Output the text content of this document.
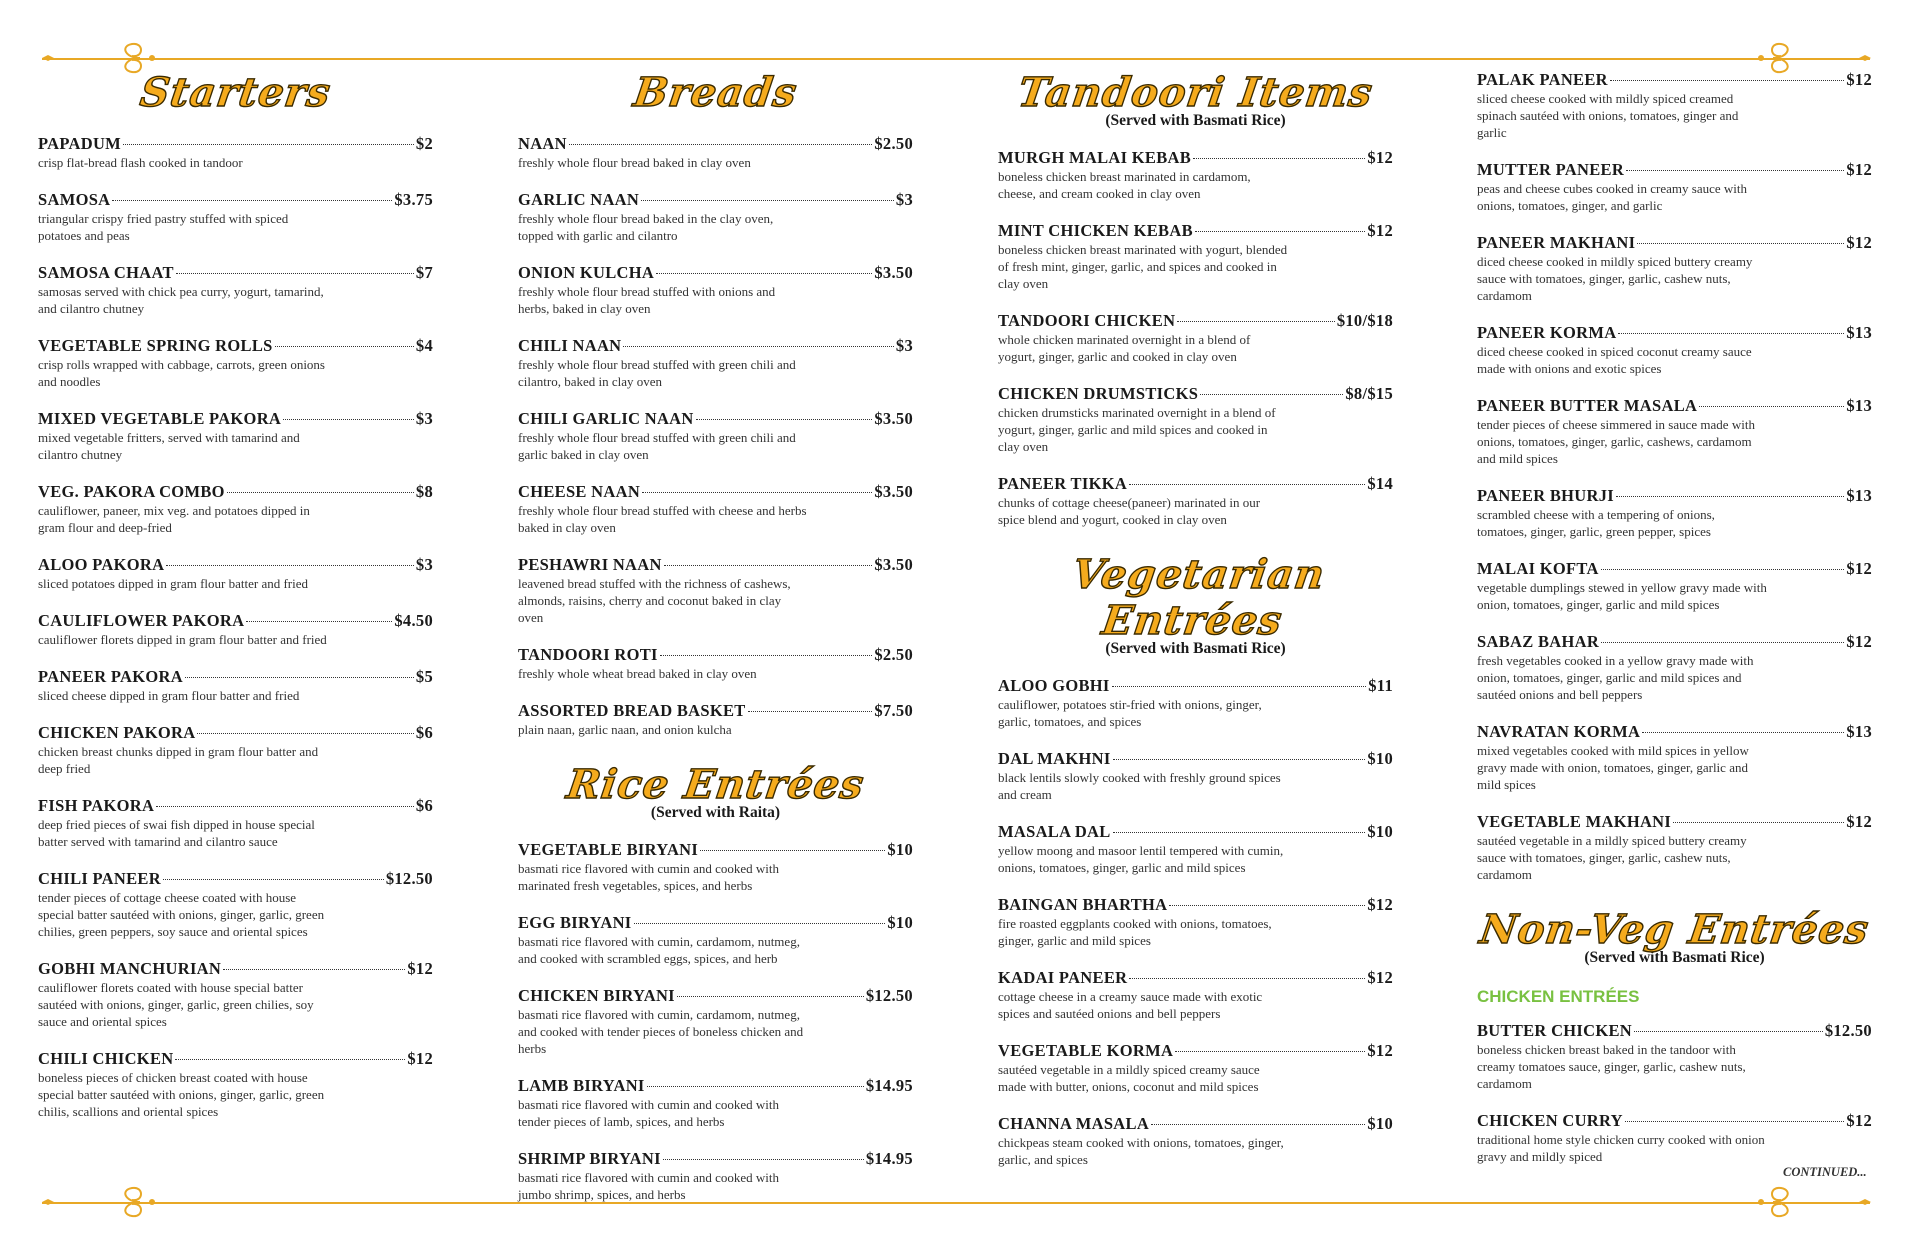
Starters
PAPADUM	$2
crisp flat-bread flash cooked in tandoor
SAMOSA	$3.75
triangular crispy fried pastry stuffed with spiced potatoes and peas
SAMOSA CHAAT	$7
samosas served with chick pea curry, yogurt, tamarind, and cilantro chutney
VEGETABLE SPRING ROLLS	$4
crisp rolls wrapped with cabbage, carrots, green onions and noodles
MIXED VEGETABLE PAKORA	$3
mixed vegetable fritters, served with tamarind and cilantro chutney
VEG. PAKORA COMBO	$8
cauliflower, paneer, mix veg. and potatoes dipped in gram flour and deep-fried
ALOO PAKORA	$3
sliced potatoes dipped in gram flour batter and fried
CAULIFLOWER PAKORA	$4.50
cauliflower florets dipped in gram flour batter and fried
PANEER PAKORA	$5
sliced cheese dipped in gram flour batter and fried
CHICKEN PAKORA	$6
chicken breast chunks dipped in gram flour batter and deep fried
FISH PAKORA	$6
deep fried pieces of swai fish dipped in house special batter served with tamarind and cilantro sauce
CHILI PANEER	$12.50
tender pieces of cottage cheese coated with house special batter sautéed with onions, ginger, garlic, green chilies, green peppers, soy sauce and oriental spices
GOBHI MANCHURIAN	$12
cauliflower florets coated with house special batter sautéed with onions, ginger, garlic, green chilies, soy sauce and oriental spices
CHILI CHICKEN	$12
boneless pieces of chicken breast coated with house special batter sautéed with onions, ginger, garlic, green chilis, scallions and oriental spices
Breads
NAAN	$2.50
freshly whole flour bread baked in clay oven
GARLIC NAAN	$3
freshly whole flour bread baked in the clay oven, topped with garlic and cilantro
ONION KULCHA	$3.50
freshly whole flour bread stuffed with onions and herbs, baked in clay oven
CHILI NAAN	$3
freshly whole flour bread stuffed with green chili and cilantro, baked in clay oven
CHILI GARLIC NAAN	$3.50
freshly whole flour bread stuffed with green chili and garlic baked in clay oven
CHEESE NAAN	$3.50
freshly whole flour bread stuffed with cheese and herbs baked in clay oven
PESHAWRI NAAN	$3.50
leavened bread stuffed with the richness of cashews, almonds, raisins, cherry and coconut baked in clay oven
TANDOORI ROTI	$2.50
freshly whole wheat bread baked in clay oven
ASSORTED BREAD BASKET	$7.50
plain naan, garlic naan, and onion kulcha
Rice Entrées
(Served with Raita)
VEGETABLE BIRYANI	$10
basmati rice flavored with cumin and cooked with marinated fresh vegetables, spices, and herbs
EGG BIRYANI	$10
basmati rice flavored with cumin, cardamom, nutmeg, and cooked with scrambled eggs, spices, and herb
CHICKEN BIRYANI	$12.50
basmati rice flavored with cumin, cardamom, nutmeg, and cooked with tender pieces of boneless chicken and herbs
LAMB BIRYANI	$14.95
basmati rice flavored with cumin and cooked with tender pieces of lamb, spices, and herbs
SHRIMP BIRYANI	$14.95
basmati rice flavored with cumin and cooked with jumbo shrimp, spices, and herbs
Tandoori Items
(Served with Basmati Rice)
MURGH MALAI KEBAB	$12
boneless chicken breast marinated in cardamom, cheese, and cream cooked in clay oven
MINT CHICKEN KEBAB	$12
boneless chicken breast marinated with yogurt, blended of fresh mint, ginger, garlic, and spices and cooked in clay oven
TANDOORI CHICKEN	$10/$18
whole chicken marinated overnight in a blend of yogurt, ginger, garlic and cooked in clay oven
CHICKEN DRUMSTICKS	$8/$15
chicken drumsticks marinated overnight in a blend of yogurt, ginger, garlic and mild spices and cooked in clay oven
PANEER TIKKA	$14
chunks of cottage cheese(paneer) marinated in our spice blend and yogurt, cooked in clay oven
Vegetarian Entrées
(Served with Basmati Rice)
ALOO GOBHI	$11
cauliflower, potatoes stir-fried with onions, ginger, garlic, tomatoes, and spices
DAL MAKHNI	$10
black lentils slowly cooked with freshly ground spices and cream
MASALA DAL	$10
yellow moong and masoor lentil tempered with cumin, onions, tomatoes, ginger, garlic and mild spices
BAINGAN BHARTHA	$12
fire roasted eggplants cooked with onions, tomatoes, ginger, garlic and mild spices
KADAI PANEER	$12
cottage cheese in a creamy sauce made with exotic spices and sautéed onions and bell peppers
VEGETABLE KORMA	$12
sautéed vegetable in a mildly spiced creamy sauce made with butter, onions, coconut and mild spices
CHANNA MASALA	$10
chickpeas steam cooked with onions, tomatoes, ginger, garlic, and spices
PALAK PANEER	$12
sliced cheese cooked with mildly spiced creamed spinach sautéed with onions, tomatoes, ginger and garlic
MUTTER PANEER	$12
peas and cheese cubes cooked in creamy sauce with onions, tomatoes, ginger, and garlic
PANEER MAKHANI	$12
diced cheese cooked in mildly spiced buttery creamy sauce with tomatoes, ginger, garlic, cashew nuts, cardamom
PANEER KORMA	$13
diced cheese cooked in spiced coconut creamy sauce made with onions and exotic spices
PANEER BUTTER MASALA	$13
tender pieces of cheese simmered in sauce made with onions, tomatoes, ginger, garlic, cashews, cardamom and mild spices
PANEER BHURJI	$13
scrambled cheese with a tempering of onions, tomatoes, ginger, garlic, green pepper, spices
MALAI KOFTA	$12
vegetable dumplings stewed in yellow gravy made with onion, tomatoes, ginger, garlic and mild spices
SABAZ BAHAR	$12
fresh vegetables cooked in a yellow gravy made with onion, tomatoes, ginger, garlic and mild spices and sautéed onions and bell peppers
NAVRATAN KORMA	$13
mixed vegetables cooked with mild spices in yellow gravy made with onion, tomatoes, ginger, garlic and mild spices
VEGETABLE MAKHANI	$12
sautéed vegetable in a mildly spiced buttery creamy sauce with tomatoes, ginger, garlic, cashew nuts, cardamom
Non-Veg Entrées
(Served with Basmati Rice)
CHICKEN ENTRÉES
BUTTER CHICKEN	$12.50
boneless chicken breast baked in the tandoor with creamy tomatoes sauce, ginger, garlic, cashew nuts, cardamom
CHICKEN CURRY	$12
traditional home style chicken curry cooked with onion gravy and mildly spiced
CONTINUED...
